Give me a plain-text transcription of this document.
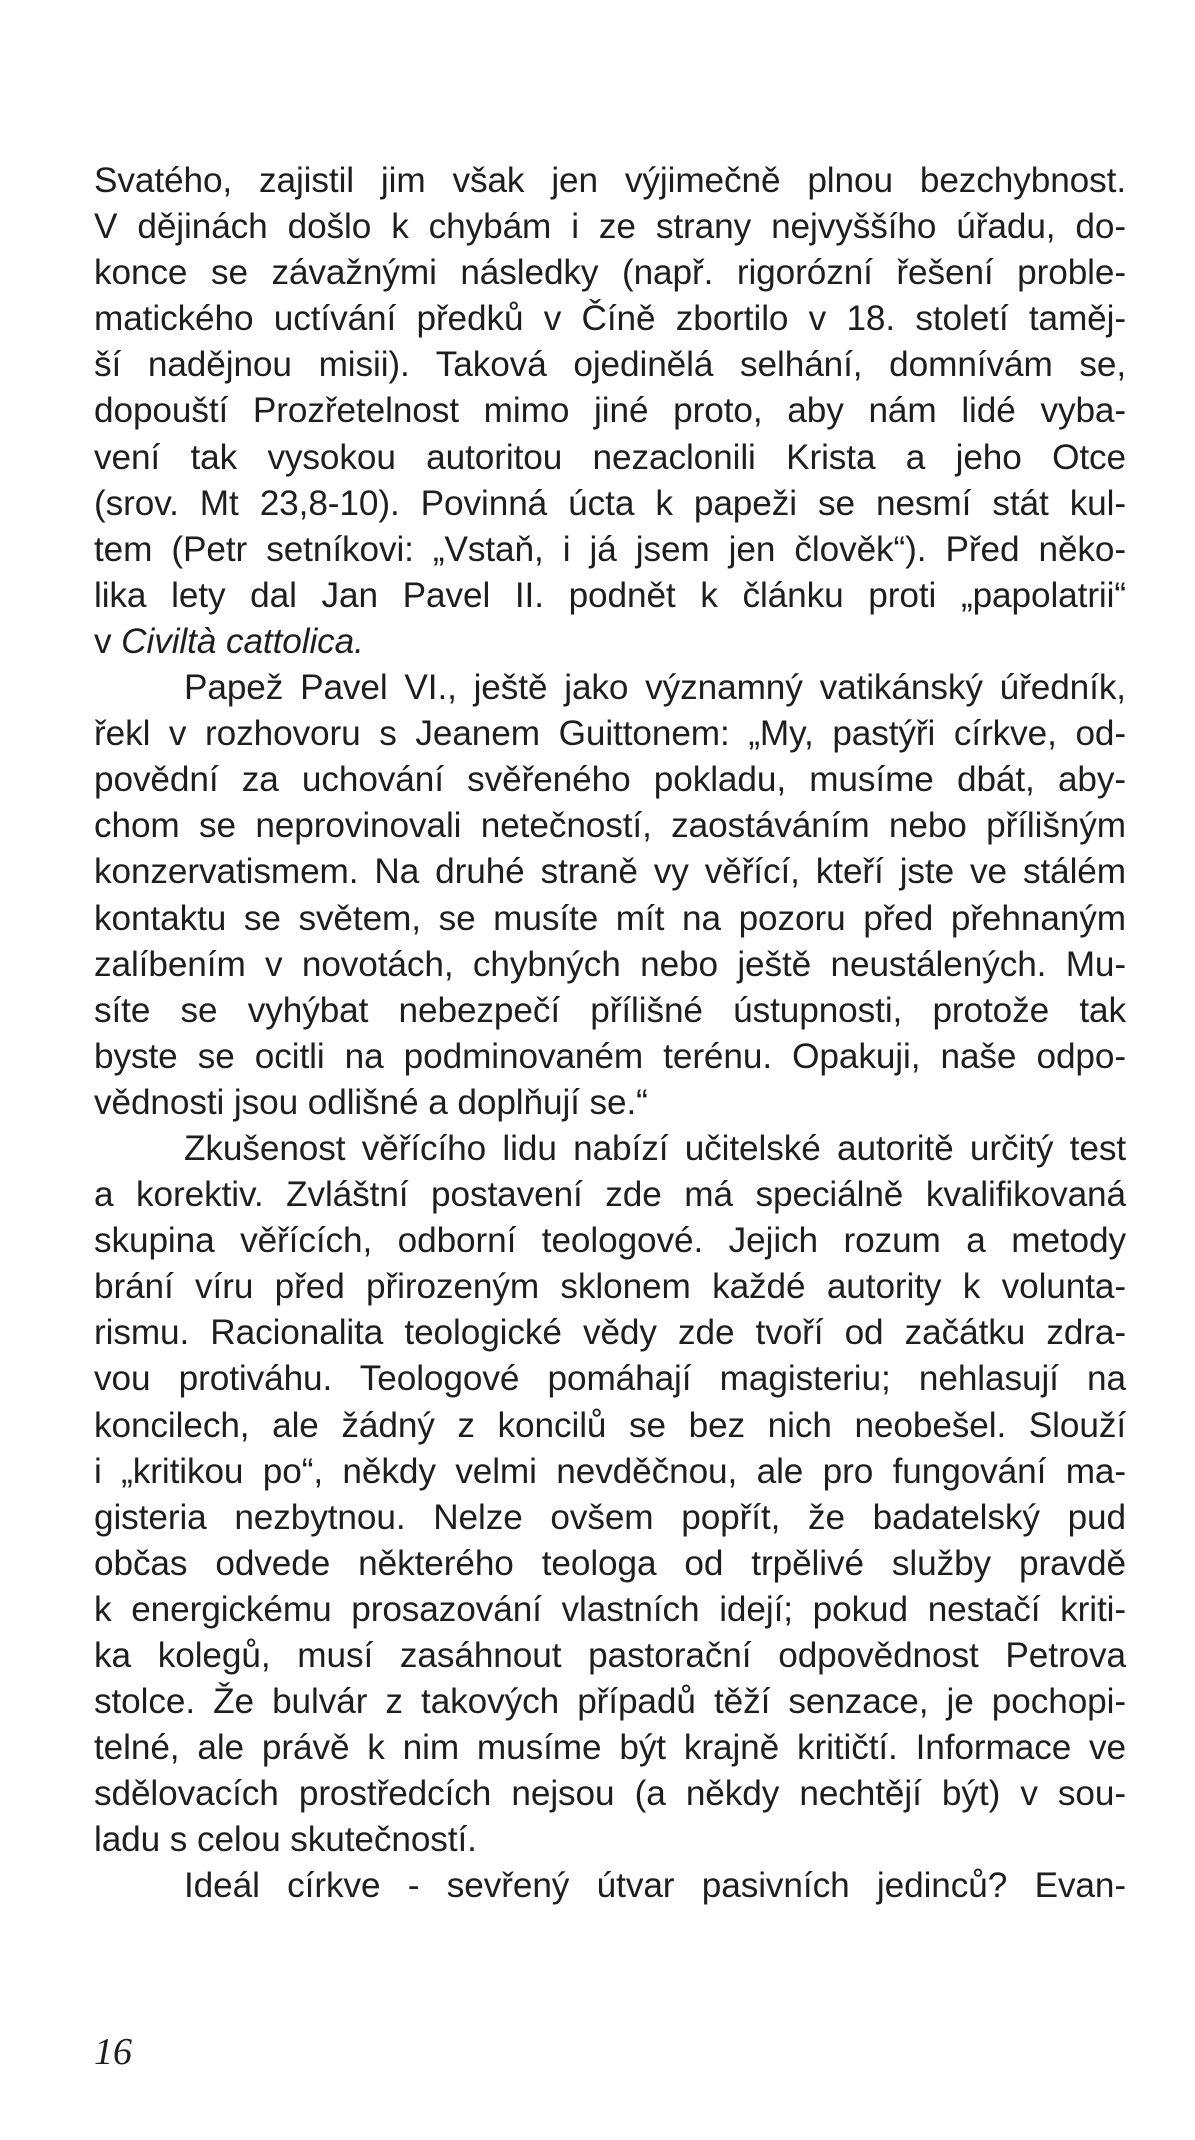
Svatého, zajistil jim však jen výjimečně plnou bezchybnost.
V dějinách došlo k chybám i ze strany nejvyššího úřadu, do-
konce se závažnými následky (např. rigorózní řešení proble-
matického uctívání předků v Číně zbortilo v 18. století taměj-
ší nadějnou misii). Taková ojedinělá selhání, domnívám se,
dopouští Prozřetelnost mimo jiné proto, aby nám lidé vyba-
vení tak vysokou autoritou nezaclonili Krista a jeho Otce
(srov. Mt 23,8-10). Povinná úcta k papeži se nesmí stát kul-
tem (Petr setníkovi: „Vstaň, i já jsem jen člověk“). Před něko-
lika lety dal Jan Pavel II. podnět k článku proti „papolatrii“
v Civiltà cattolica.
Papež Pavel VI., ještě jako významný vatikánský úředník,
řekl v rozhovoru s Jeanem Guittonem: „My, pastýři církve, od-
povědní za uchování svěřeného pokladu, musíme dbát, aby-
chom se neprovinovali netečností, zaostáváním nebo přílišným
konzervatismem. Na druhé straně vy věřící, kteří jste ve stálém
kontaktu se světem, se musíte mít na pozoru před přehnaným
zalíbením v novotách, chybných nebo ještě neustálených. Mu-
síte se vyhýbat nebezpečí přílišné ústupnosti, protože tak
byste se ocitli na podminovaném terénu. Opakuji, naše odpo-
vědnosti jsou odlišné a doplňují se.“
Zkušenost věřícího lidu nabízí učitelské autoritě určitý test
a korektiv. Zvláštní postavení zde má speciálně kvalifikovaná
skupina věřících, odborní teologové. Jejich rozum a metody
brání víru před přirozeným sklonem každé autority k volunta-
rismu. Racionalita teologické vědy zde tvoří od začátku zdra-
vou protiváhu. Teologové pomáhají magisteriu; nehlasují na
koncilech, ale žádný z koncilů se bez nich neobešel. Slouží
i „kritikou po“, někdy velmi nevděčnou, ale pro fungování ma-
gisteria nezbytnou. Nelze ovšem popřít, že badatelský pud
občas odvede některého teologa od trpělivé služby pravdě
k energickému prosazování vlastních idejí; pokud nestačí kriti-
ka kolegů, musí zasáhnout pastorační odpovědnost Petrova
stolce. Že bulvár z takových případů těží senzace, je pochopi-
telné, ale právě k nim musíme být krajně kritičtí. Informace ve
sdělovacích prostředcích nejsou (a někdy nechtějí být) v sou-
ladu s celou skutečností.
Ideál církve - sevřený útvar pasivních jedinců? Evan-
16
